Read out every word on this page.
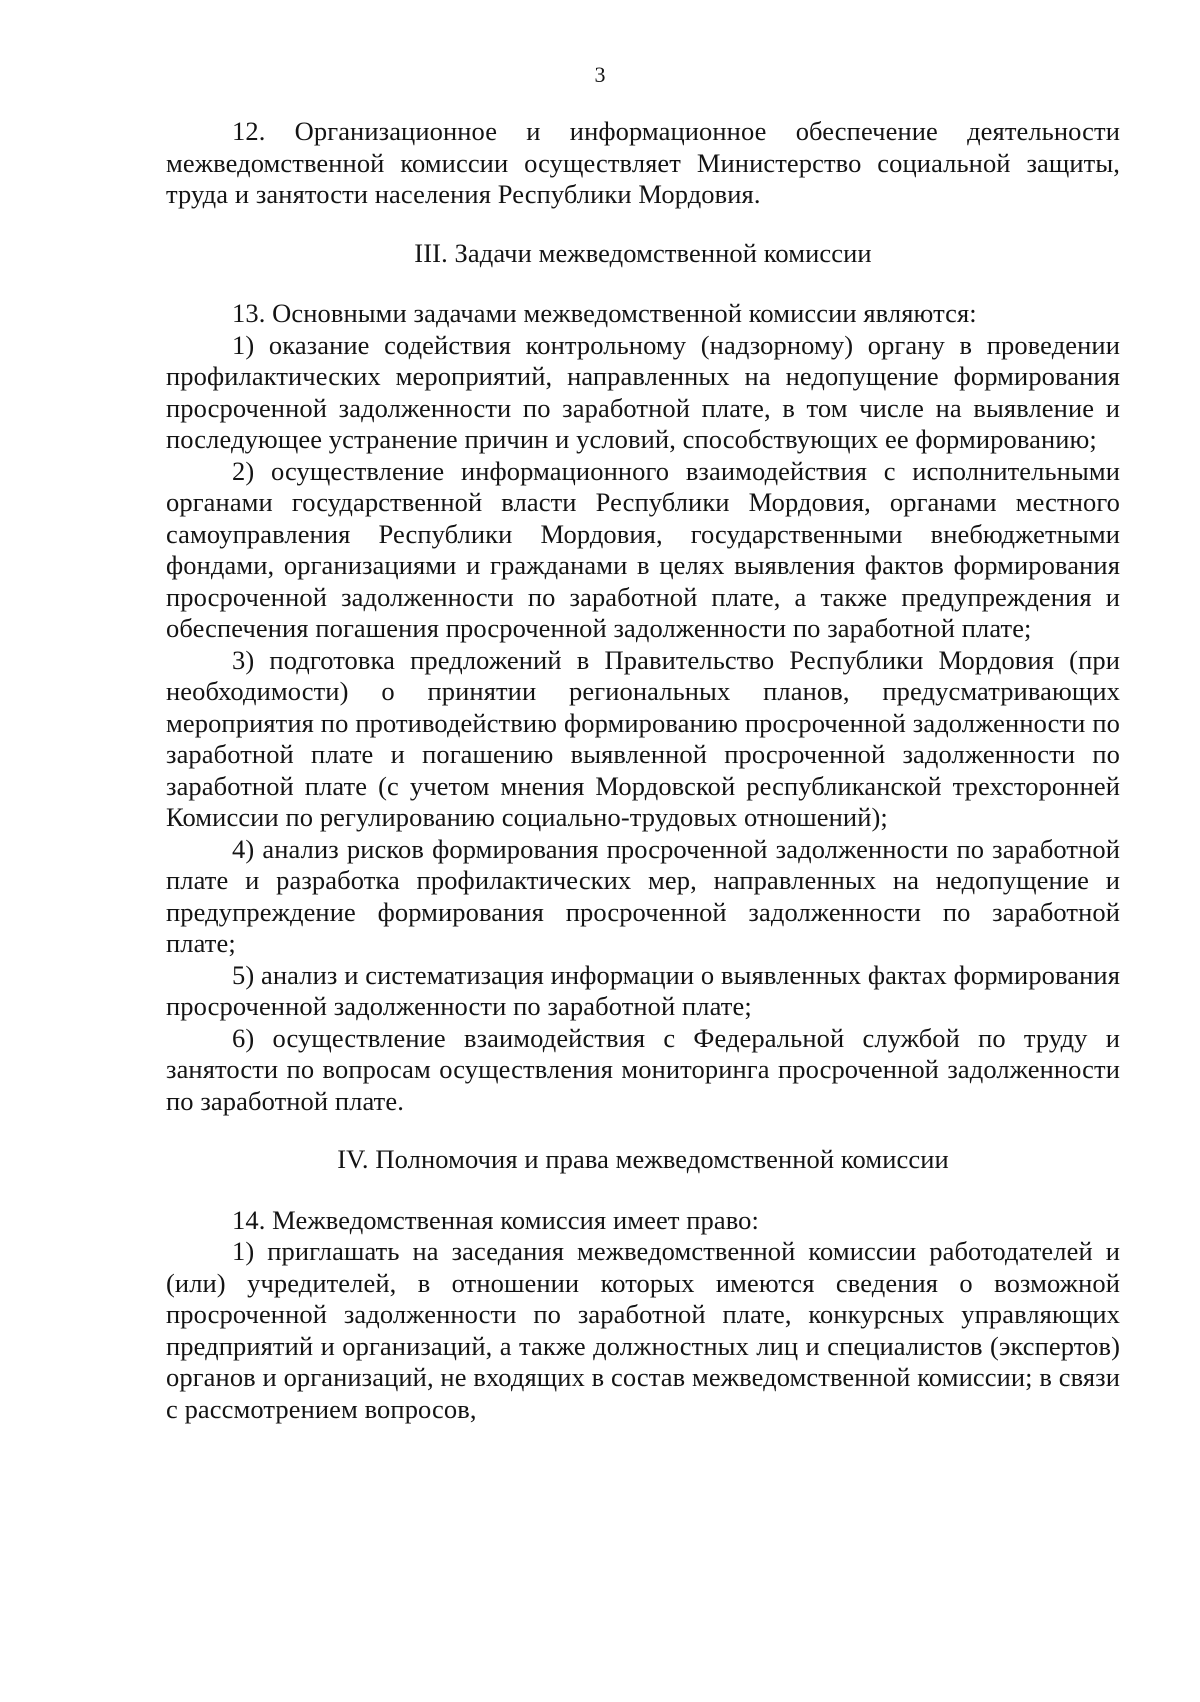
3

12. Организационное и информационное обеспечение деятельности межведомственной комиссии осуществляет Министерство социальной защиты, труда и занятости населения Республики Мордовия.

III. Задачи межведомственной комиссии

13. Основными задачами межведомственной комиссии являются:

1) оказание содействия контрольному (надзорному) органу в проведении профилактических мероприятий, направленных на недопущение формирования просроченной задолженности по заработной плате, в том числе на выявление и последующее устранение причин и условий, способствующих ее формированию;

2) осуществление информационного взаимодействия с исполнительными органами государственной власти Республики Мордовия, органами местного самоуправления Республики Мордовия, государственными внебюджетными фондами, организациями и гражданами в целях выявления фактов формирования просроченной задолженности по заработной плате, а также предупреждения и обеспечения погашения просроченной задолженности по заработной плате;

3) подготовка предложений в Правительство Республики Мордовия (при необходимости) о принятии региональных планов, предусматривающих мероприятия по противодействию формированию просроченной задолженности по заработной плате и погашению выявленной просроченной задолженности по заработной плате (с учетом мнения Мордовской республиканской трехсторонней Комиссии по регулированию социально-трудовых отношений);

4) анализ рисков формирования просроченной задолженности по заработной плате и разработка профилактических мер, направленных на недопущение и предупреждение формирования просроченной задолженности по заработной плате;

5) анализ и систематизация информации о выявленных фактах формирования просроченной задолженности по заработной плате;

6) осуществление взаимодействия с Федеральной службой по труду и занятости по вопросам осуществления мониторинга просроченной задолженности по заработной плате.

IV. Полномочия и права межведомственной комиссии

14. Межведомственная комиссия имеет право:

1) приглашать на заседания межведомственной комиссии работодателей и (или) учредителей, в отношении которых имеются сведения о возможной просроченной задолженности по заработной плате, конкурсных управляющих предприятий и организаций, а также должностных лиц и специалистов (экспертов) органов и организаций, не входящих в состав межведомственной комиссии; в связи с рассмотрением вопросов,
